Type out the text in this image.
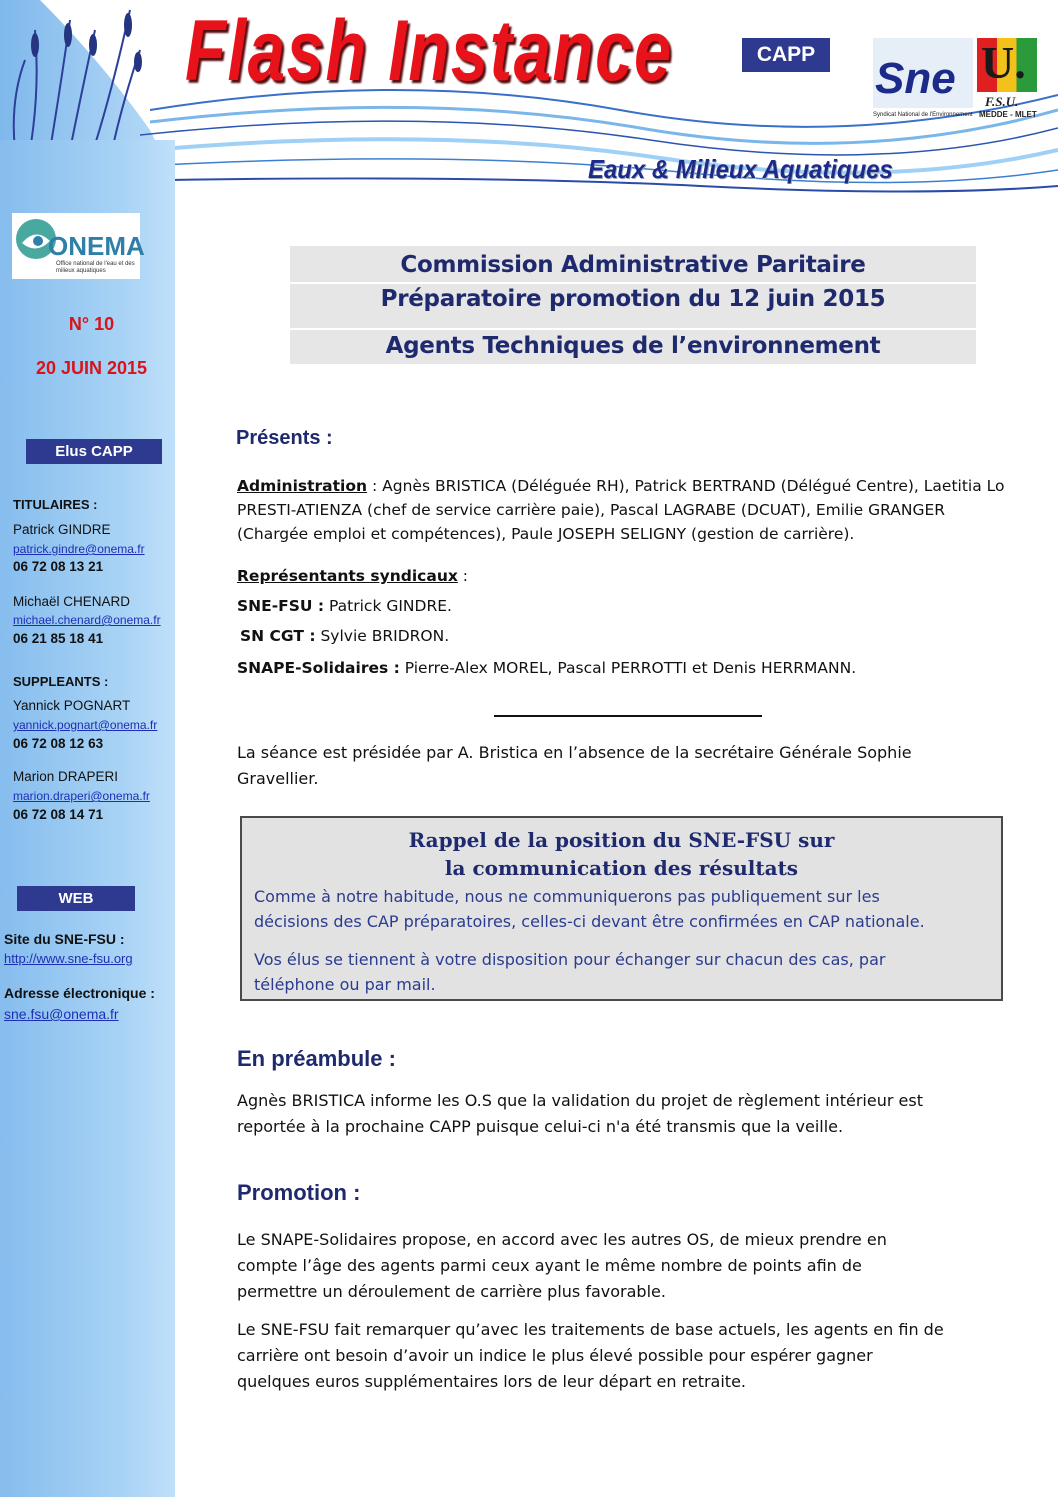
Flash Instance	CAPP
Eaux & Milieux Aquatiques
Sne U.
F.S.U.
MEDDE - MLET
Syndicat National de l'Environnement
ONEMA
Office national de l'eau et des milieux aquatiques
N° 10
20 JUIN 2015
Elus CAPP
TITULAIRES :
Patrick GINDRE
patrick.gindre@onema.fr
06 72 08 13 21
Michaël CHENARD
michael.chenard@onema.fr
06 21 85 18 41
SUPPLEANTS :
Yannick POGNART
yannick.pognart@onema.fr
06 72 08 12 63
Marion DRAPERI
marion.draperi@onema.fr
06 72 08 14 71
WEB
Site du SNE-FSU :
http://www.sne-fsu.org
Adresse électronique :
sne.fsu@onema.fr
Commission Administrative Paritaire
Préparatoire promotion du 12 juin 2015
Agents Techniques de l’environnement
Présents :
Administration : Agnès BRISTICA (Déléguée RH), Patrick BERTRAND (Délégué Centre), Laetitia Lo
PRESTI-ATIENZA (chef de service carrière paie), Pascal LAGRABE (DCUAT), Emilie GRANGER
(Chargée emploi et compétences), Paule JOSEPH SELIGNY (gestion de carrière).
Représentants syndicaux :
SNE-FSU : Patrick GINDRE.
SN CGT : Sylvie BRIDRON.
SNAPE-Solidaires : Pierre-Alex MOREL, Pascal PERROTTI et Denis HERRMANN.
La séance est présidée par A. Bristica en l’absence de la secrétaire Générale Sophie
Gravellier.
Rappel de la position du SNE-FSU sur
la communication des résultats
Comme à notre habitude, nous ne communiquerons pas publiquement sur les
décisions des CAP préparatoires, celles-ci devant être confirmées en CAP nationale.
Vos élus se tiennent à votre disposition pour échanger sur chacun des cas, par
téléphone ou par mail.
En préambule :
Agnès BRISTICA informe les O.S que la validation du projet de règlement intérieur est
reportée à la prochaine CAPP puisque celui-ci n'a été transmis que la veille.
Promotion :
Le SNAPE-Solidaires propose, en accord avec les autres OS, de mieux prendre en
compte l’âge des agents parmi ceux ayant le même nombre de points afin de
permettre un déroulement de carrière plus favorable.
Le SNE-FSU fait remarquer qu’avec les traitements de base actuels, les agents en fin de
carrière ont besoin d’avoir un indice le plus élevé possible pour espérer gagner
quelques euros supplémentaires lors de leur départ en retraite.
